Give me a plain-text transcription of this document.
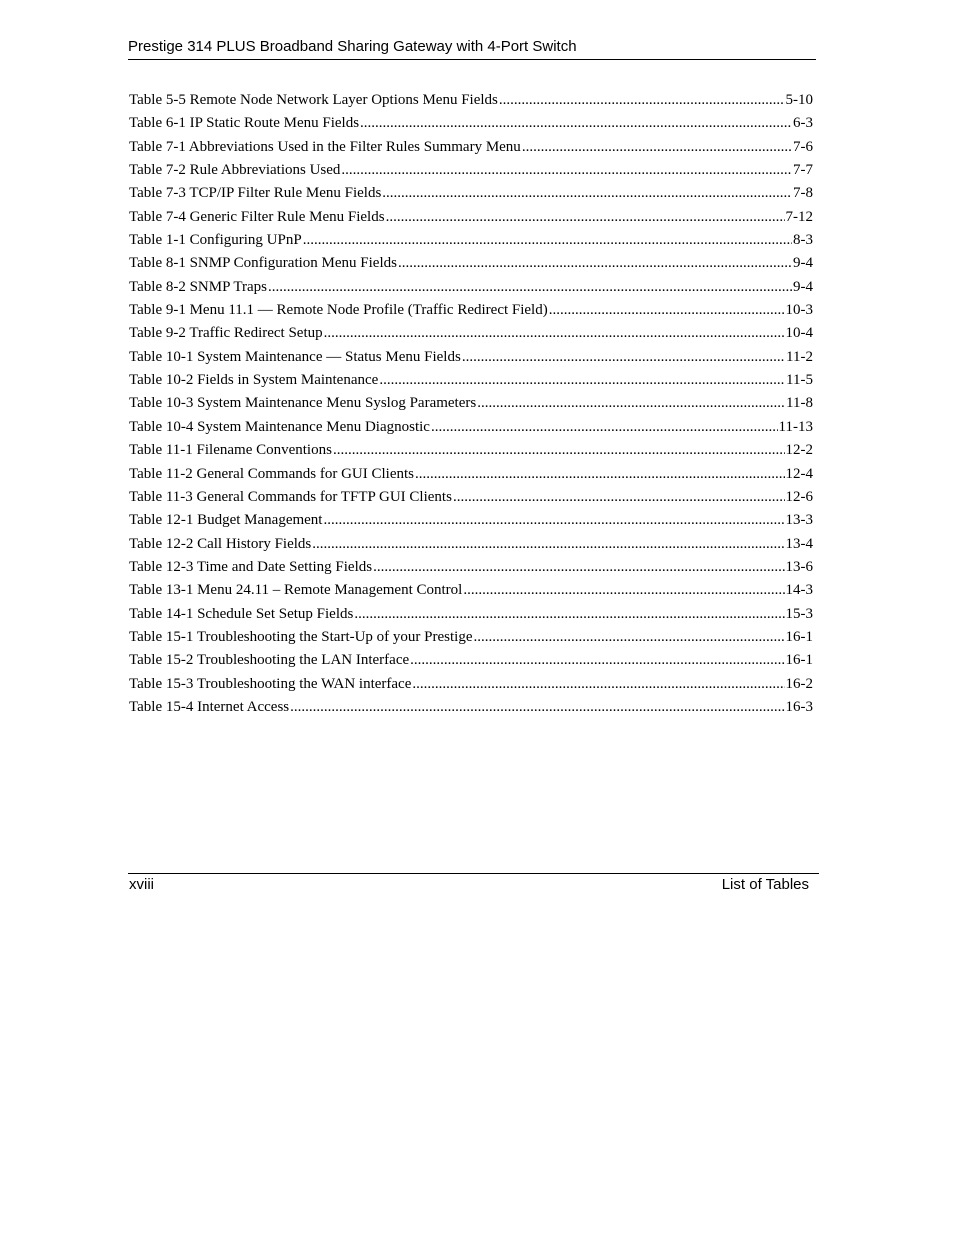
Prestige 314 PLUS Broadband Sharing Gateway with 4-Port Switch
Table 5-5 Remote Node Network Layer Options Menu Fields .....	5-10
Table 6-1 IP Static Route Menu Fields .....	6-3
Table 7-1 Abbreviations Used in the Filter Rules Summary Menu .....	7-6
Table 7-2 Rule Abbreviations Used .....	7-7
Table 7-3 TCP/IP Filter Rule Menu Fields .....	7-8
Table 7-4 Generic Filter Rule Menu Fields .....	7-12
Table 1-1 Configuring UPnP .....	8-3
Table 8-1 SNMP Configuration Menu Fields .....	9-4
Table 8-2 SNMP Traps .....	9-4
Table 9-1 Menu 11.1 — Remote Node Profile (Traffic Redirect Field) .....	10-3
Table 9-2 Traffic Redirect Setup .....	10-4
Table 10-1 System Maintenance — Status Menu Fields .....	11-2
Table 10-2 Fields in System Maintenance .....	11-5
Table 10-3 System Maintenance Menu Syslog Parameters .....	11-8
Table 10-4 System Maintenance Menu Diagnostic .....	11-13
Table 11-1 Filename Conventions .....	12-2
Table 11-2 General Commands for GUI Clients .....	12-4
Table 11-3 General Commands for TFTP GUI Clients .....	12-6
Table 12-1 Budget Management .....	13-3
Table 12-2 Call History Fields .....	13-4
Table 12-3 Time and Date Setting Fields .....	13-6
Table 13-1 Menu 24.11 – Remote Management Control .....	14-3
Table 14-1 Schedule Set Setup Fields .....	15-3
Table 15-1 Troubleshooting the Start-Up of your Prestige .....	16-1
Table 15-2 Troubleshooting the LAN Interface .....	16-1
Table 15-3 Troubleshooting the WAN interface .....	16-2
Table 15-4 Internet Access .....	16-3
xviii	List of Tables
